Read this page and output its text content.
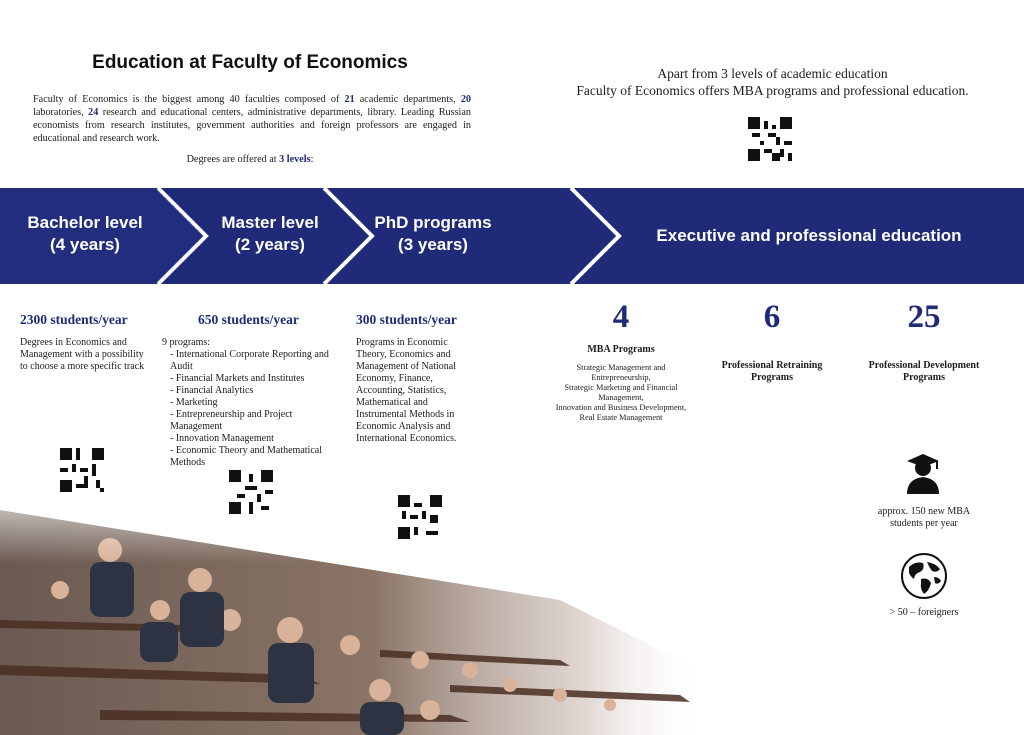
Education at Faculty of Economics
Faculty of Economics is the biggest among 40 faculties composed of 21 academic departments, 20 laboratories, 24 research and educational centers, administrative departments, library. Leading Russian economists from research institutes, government authorities and foreign professors are engaged in educational and research work.
Degrees are offered at 3 levels:
Apart from 3 levels of academic education
Faculty of Economics offers MBA programs and professional education.
Bachelor level
(4 years)
Master level
(2 years)
PhD programs
(3 years)	Executive and professional education
2300 students/year
Degrees in Economics and Management with a possibility to choose a more specific track
650 students/year
9 programs:
- International Corporate Reporting and Audit
- Financial Markets and Institutes
- Financial Analytics
- Marketing
- Entrepreneurship and Project Management
- Innovation Management
- Economic Theory and Mathematical Methods
300 students/year
Programs in Economic Theory, Economics and Management of National Economy, Finance, Accounting, Statistics, Mathematical and Instrumental Methods in Economic Analysis and International Economics.
4
MBA Programs
Strategic Management and Entrepreneurship,
Strategic Marketing and Financial Management,
Innovation and Business Development,
Real Estate Management
6
Professional Retraining Programs
25
Professional Development Programs
approx. 150 new MBA students per year
> 50 – foreigners
